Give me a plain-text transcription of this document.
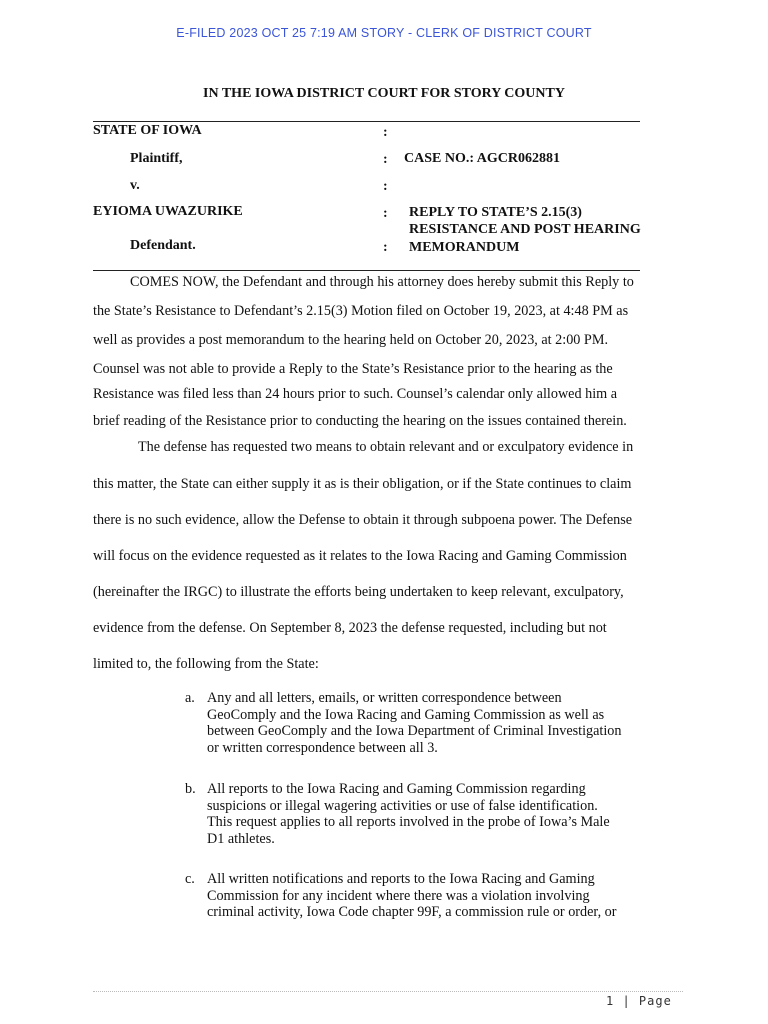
E-FILED 2023 OCT 25 7:19 AM STORY - CLERK OF DISTRICT COURT
IN THE IOWA DISTRICT COURT FOR STORY COUNTY
STATE OF IOWA
Plaintiff,
v.
EYIOMA UWAZURIKE
Defendant.
:
:
:
:
:
CASE NO.: AGCR062881
REPLY TO STATE’S 2.15(3)
RESISTANCE AND POST HEARING
MEMORANDUM
COMES NOW, the Defendant and through his attorney does hereby submit this Reply to
the State’s Resistance to Defendant’s 2.15(3) Motion filed on October 19, 2023, at 4:48 PM as
well as provides a post memorandum to the hearing held on October 20, 2023, at 2:00 PM.
Counsel was not able to provide a Reply to the State’s Resistance prior to the hearing as the
Resistance was filed less than 24 hours prior to such. Counsel’s calendar only allowed him a
brief reading of the Resistance prior to conducting the hearing on the issues contained therein.
The defense has requested two means to obtain relevant and or exculpatory evidence in
this matter, the State can either supply it as is their obligation, or if the State continues to claim
there is no such evidence, allow the Defense to obtain it through subpoena power. The Defense
will focus on the evidence requested as it relates to the Iowa Racing and Gaming Commission
(hereinafter the IRGC) to illustrate the efforts being undertaken to keep relevant, exculpatory,
evidence from the defense. On September 8, 2023 the defense requested, including but not
limited to, the following from the State:
a. Any and all letters, emails, or written correspondence between
GeoComply and the Iowa Racing and Gaming Commission as well as
between GeoComply and the Iowa Department of Criminal Investigation
or written correspondence between all 3.
b. All reports to the Iowa Racing and Gaming Commission regarding
suspicions or illegal wagering activities or use of false identification.
This request applies to all reports involved in the probe of Iowa’s Male
D1 athletes.
c. All written notifications and reports to the Iowa Racing and Gaming
Commission for any incident where there was a violation involving
criminal activity, Iowa Code chapter 99F, a commission rule or order, or
1 | Page
